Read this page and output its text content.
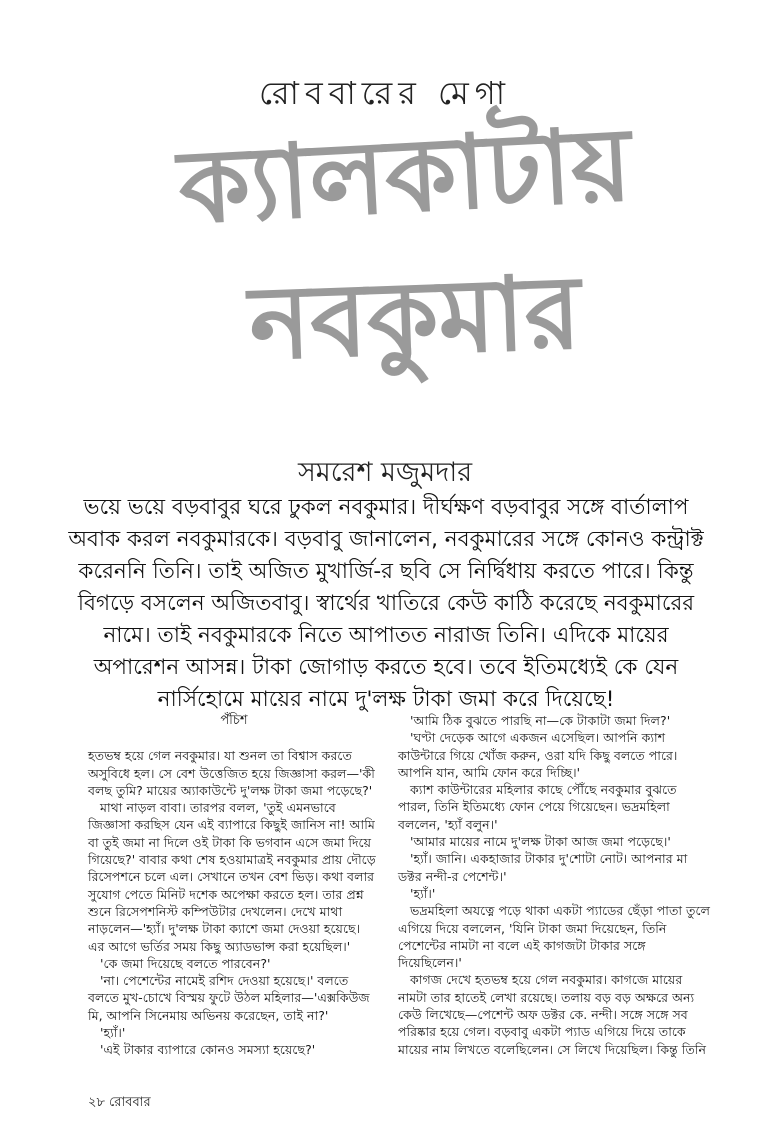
রোববারের মেগা
ক্যালকাটায়
নবকুমার
সমরেশ মজুমদার
ভয়ে ভয়ে বড়বাবুর ঘরে ঢুকল নবকুমার। দীর্ঘক্ষণ বড়বাবুর সঙ্গে বার্তালাপ অবাক করল নবকুমারকে। বড়বাবু জানালেন, নবকুমারের সঙ্গে কোনও কন্ট্রাক্ট করেননি তিনি। তাই অজিত মুখার্জি-র ছবি সে নির্দ্বিধায় করতে পারে। কিন্তু বিগড়ে বসলেন অজিতবাবু। স্বার্থের খাতিরে কেউ কাঠি করেছে নবকুমারের নামে। তাই নবকুমারকে নিতে আপাতত নারাজ তিনি। এদিকে মায়ের অপারেশন আসন্ন। টাকা জোগাড় করতে হবে। তবে ইতিমধ্যেই কে যেন নার্সিহোমে মায়ের নামে দু'লক্ষ টাকা জমা করে দিয়েছে!
পঁচিশ

হতভম্ব হয়ে গেল নবকুমার। যা শুনল তা বিশ্বাস করতে অসুবিধে হল। সে বেশ উত্তেজিত হয়ে জিজ্ঞাসা করল—'কী বলছ তুমি? মায়ের অ্যাকাউন্টে দু'লক্ষ টাকা জমা পড়েছে?'

মাথা নাড়ল বাবা। তারপর বলল, 'তুই এমনভাবে জিজ্ঞাসা করছিস যেন এই ব্যাপারে কিছুই জানিস না! আমি বা তুই জমা না দিলে ওই টাকা কি ভগবান এসে জমা দিয়ে গিয়েছে?' বাবার কথা শেষ হওয়ামাত্রই নবকুমার প্রায় দৌড়ে রিসেপশনে চলে এল। সেখানে তখন বেশ ভিড়। কথা বলার সুযোগ পেতে মিনিট দশেক অপেক্ষা করতে হল। তার প্রশ্ন শুনে রিসেপশনিস্ট কম্পিউটার দেখলেন। দেখে মাথা নাড়লেন—'হ্যাঁ। দু'লক্ষ টাকা ক্যাশে জমা দেওয়া হয়েছে। এর আগে ভর্তির সময় কিছু অ্যাডভান্স করা হয়েছিল।'

'কে জমা দিয়েছে বলতে পারবেন?'

'না। পেশেন্টের নামেই রশিদ দেওয়া হয়েছে।' বলতে বলতে মুখ-চোখে বিস্ময় ফুটে উঠল মহিলার—'এক্সকিউজ মি, আপনি সিনেমায় অভিনয় করেছেন, তাই না?'

'হ্যাঁ।'

'এই টাকার ব্যাপারে কোনও সমস্যা হয়েছে?'

'আমি ঠিক বুঝতে পারছি না—কে টাকাটা জমা দিল?'

'ঘণ্টা দেড়েক আগে একজন এসেছিল। আপনি ক্যাশ কাউন্টারে গিয়ে খোঁজ করুন, ওরা যদি কিছু বলতে পারে। আপনি যান, আমি ফোন করে দিচ্ছি।'

ক্যাশ কাউন্টারের মহিলার কাছে পৌঁছে নবকুমার বুঝতে পারল, তিনি ইতিমধ্যে ফোন পেয়ে গিয়েছেন। ভদ্রমহিলা বললেন, 'হ্যাঁ বলুন।'

'আমার মায়ের নামে দু'লক্ষ টাকা আজ জমা পড়েছে।'

'হ্যাঁ। জানি। একহাজার টাকার দু'শোটা নোট। আপনার মা ডক্টর নন্দী-র পেশেন্ট।'

'হ্যাঁ।'

ভদ্রমহিলা অযত্নে পড়ে থাকা একটা প্যাডের ছেঁড়া পাতা তুলে এগিয়ে দিয়ে বললেন, 'যিনি টাকা জমা দিয়েছেন, তিনি পেশেন্টের নামটা না বলে এই কাগজটা টাকার সঙ্গে দিয়েছিলেন।'

কাগজ দেখে হতভম্ব হয়ে গেল নবকুমার। কাগজে মায়ের নামটা তার হাতেই লেখা রয়েছে। তলায় বড় বড় অক্ষরে অন্য কেউ লিখেছে—পেশেন্ট অফ ডক্টর কে. নন্দী। সঙ্গে সঙ্গে সব পরিষ্কার হয়ে গেল। বড়বাবু একটা প্যাড এগিয়ে দিয়ে তাকে মায়ের নাম লিখতে বলেছিলেন। সে লিখে দিয়েছিল। কিন্তু তিনি

২৮ রোববার
